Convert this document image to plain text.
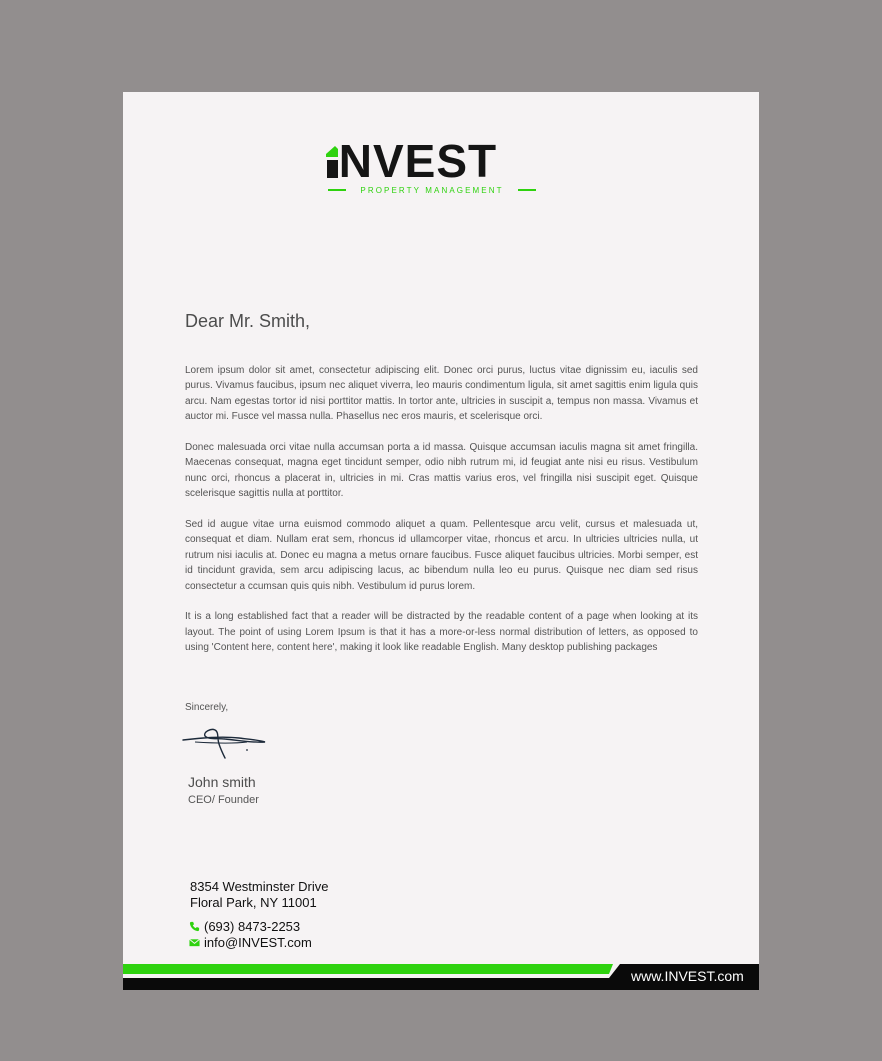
NVEST
PROPERTY MANAGEMENT
Dear Mr. Smith,

Lorem ipsum dolor sit amet, consectetur adipiscing elit. Donec orci purus, luctus vitae dignissim eu, iaculis sed purus. Vivamus faucibus, ipsum nec aliquet viverra, leo mauris condimentum ligula, sit amet sagittis enim ligula quis arcu. Nam egestas tortor id nisi porttitor mattis. In tortor ante, ultricies in suscipit a, tempus non massa. Vivamus et auctor mi. Fusce vel massa nulla. Phasellus nec eros mauris, et scelerisque orci.

Donec malesuada orci vitae nulla accumsan porta a id massa. Quisque accumsan iaculis magna sit amet fringilla. Maecenas consequat, magna eget tincidunt semper, odio nibh rutrum mi, id feugiat ante nisi eu risus. Vestibulum nunc orci, rhoncus a placerat in, ultricies in mi. Cras mattis varius eros, vel fringilla nisi suscipit eget. Quisque scelerisque sagittis nulla at porttitor.

Sed id augue vitae urna euismod commodo aliquet a quam. Pellentesque arcu velit, cursus et malesuada ut, consequat et diam. Nullam erat sem, rhoncus id ullamcorper vitae, rhoncus et arcu. In ultricies ultricies nulla, ut rutrum nisi iaculis at. Donec eu magna a metus ornare faucibus. Fusce aliquet faucibus ultricies. Morbi semper, est id tincidunt gravida, sem arcu adipiscing lacus, ac bibendum nulla leo eu purus. Quisque nec diam sed risus consectetur a ccumsan quis quis nibh. Vestibulum id purus lorem.

It is a long established fact that a reader will be distracted by the readable content of a page when looking at its layout. The point of using Lorem Ipsum is that it has a more-or-less normal distribution of letters, as opposed to using 'Content here, content here', making it look like readable English. Many desktop publishing packages

Sincerely,
John smith
CEO/ Founder
8354 Westminster Drive
Floral Park, NY 11001
(693) 8473-2253
info@INVEST.com
www.INVEST.com
